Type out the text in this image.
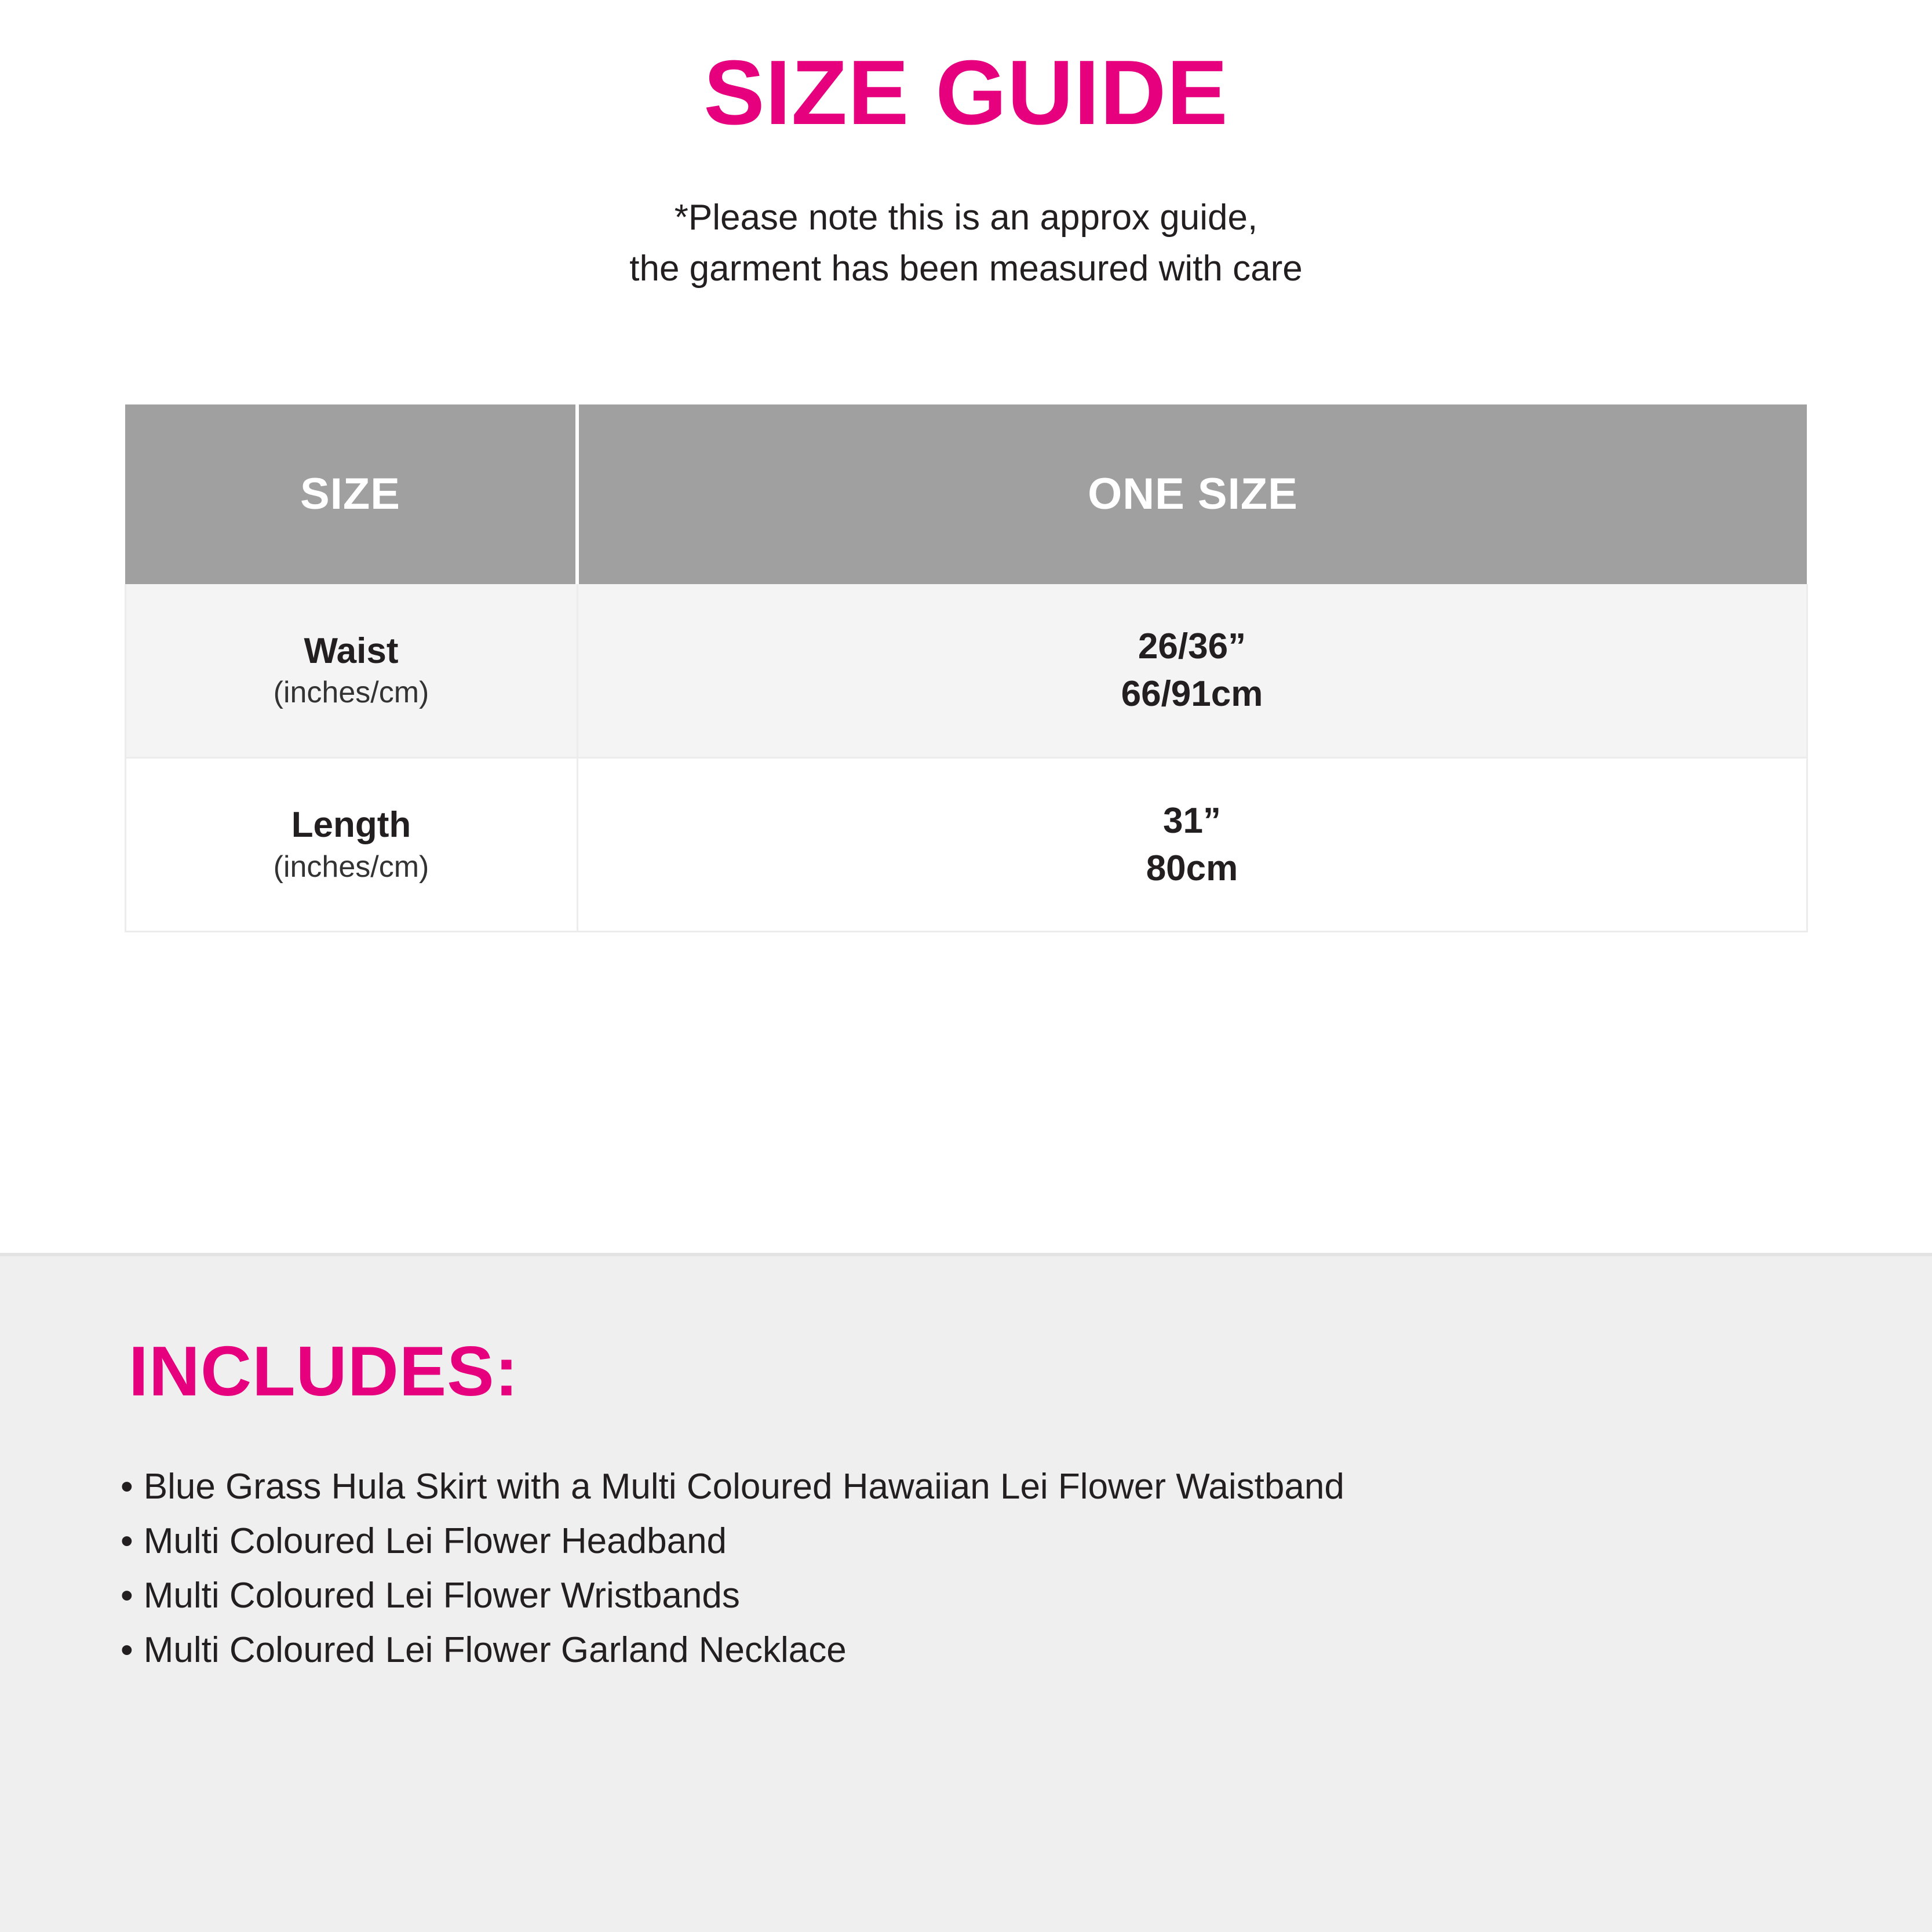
SIZE GUIDE
*Please note this is an approx guide,
the garment has been measured with care
SIZE	ONE SIZE

Waist
(inches/cm)

26/36”
66/91cm

Length
(inches/cm)

31”
80cm
INCLUDES:
• Blue Grass Hula Skirt with a Multi Coloured Hawaiian Lei Flower Waistband
• Multi Coloured Lei Flower Headband
• Multi Coloured Lei Flower Wristbands
• Multi Coloured Lei Flower Garland Necklace
